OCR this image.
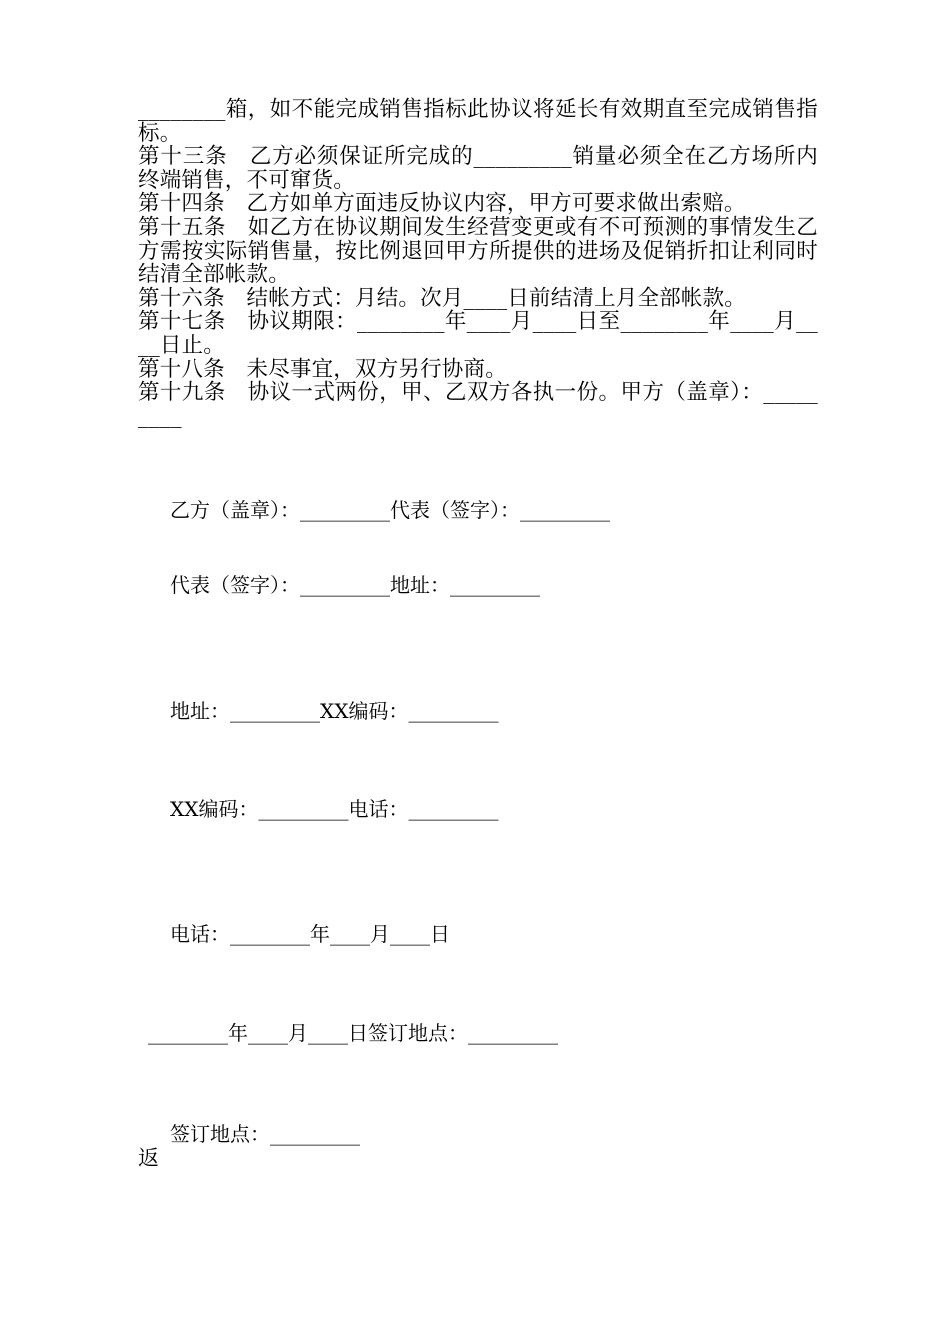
________箱，如不能完成销售指标此协议将延长有效期直至完成销售指标。

第十三条　乙方必须保证所完成的_________销量必须全在乙方场所内终端销售，不可窜货。

第十四条　乙方如单方面违反协议内容，甲方可要求做出索赔。

第十五条　如乙方在协议期间发生经营变更或有不可预测的事情发生乙方需按实际销售量，按比例退回甲方所提供的进场及促销折扣让利同时结清全部帐款。

第十六条　结帐方式：月结。次月____日前结清上月全部帐款。

第十七条　协议期限：________年____月____日至________年____月____日止。

第十八条　未尽事宜，双方另行协商。

第十九条　协议一式两份，甲、乙双方各执一份。甲方（盖章）：_________

乙方（盖章）：_________代表（签字）：_________

代表（签字）：_________地址：_________

地址：_________XX编码：_________

XX编码：_________电话：_________

电话：________年____月____日

________年____月____日签订地点：_________

签订地点：_________

返
